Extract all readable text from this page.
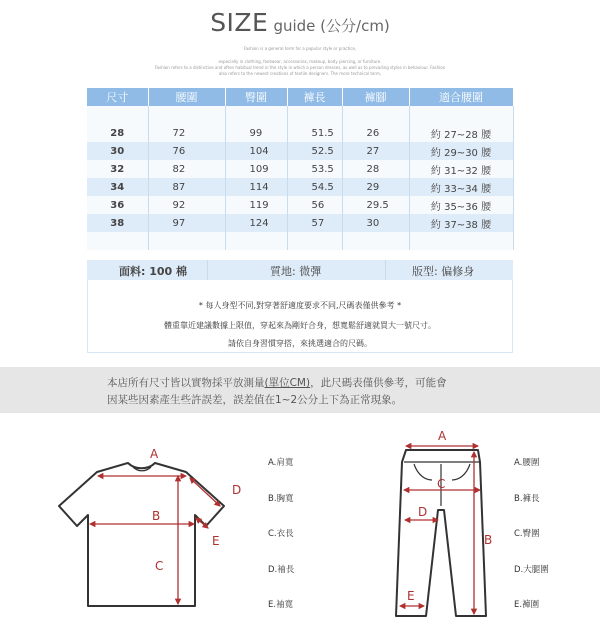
SIZE guide (公分/cm)
Fashion is a general term for a popular style or practice,
especially in clothing, footwear, accessories, makeup, body piercing, or furniture.
Fashion refers to a distinctive and often habitual trend in the style in which a person dresses, as well as to prevailing styles in behaviour. Fashion
also refers to the newest creations of textile designers. The more technical term,
尺寸	腰圍	臀圍	褲長	褲腳	適合腰圍

28	72	99	51.5	26	約 27~28 腰
30	76	104	52.5	27	約 29~30 腰
32	82	109	53.5	28	約 31~32 腰
34	87	114	54.5	29	約 33~34 腰
36	92	119	56	29.5	約 35~36 腰
38	97	124	57	30	約 37~38 腰

面料: 100 棉	質地: 微彈	版型: 偏修身
* 每人身型不同,對穿著舒適度要求不同,尺碼表僅供參考 *
體重靠近建議數據上限值，穿起來為剛好合身，想寬鬆舒適就買大一號尺寸。
請依自身習慣穿搭，來挑選適合的尺碼。
本店所有尺寸皆以實物採平放測量(單位CM)，此尺碼表僅供參考，可能會
因某些因素產生些許誤差，誤差值在1~2公分上下為正常現象。
A
B
C
D
E
A
B
C
D
E
A.肩寬
B.胸寬
C.衣長
D.袖長
E.袖寬
A.腰圍
B.褲長
C.臀圍
D.大腿圍
E.褲圍
